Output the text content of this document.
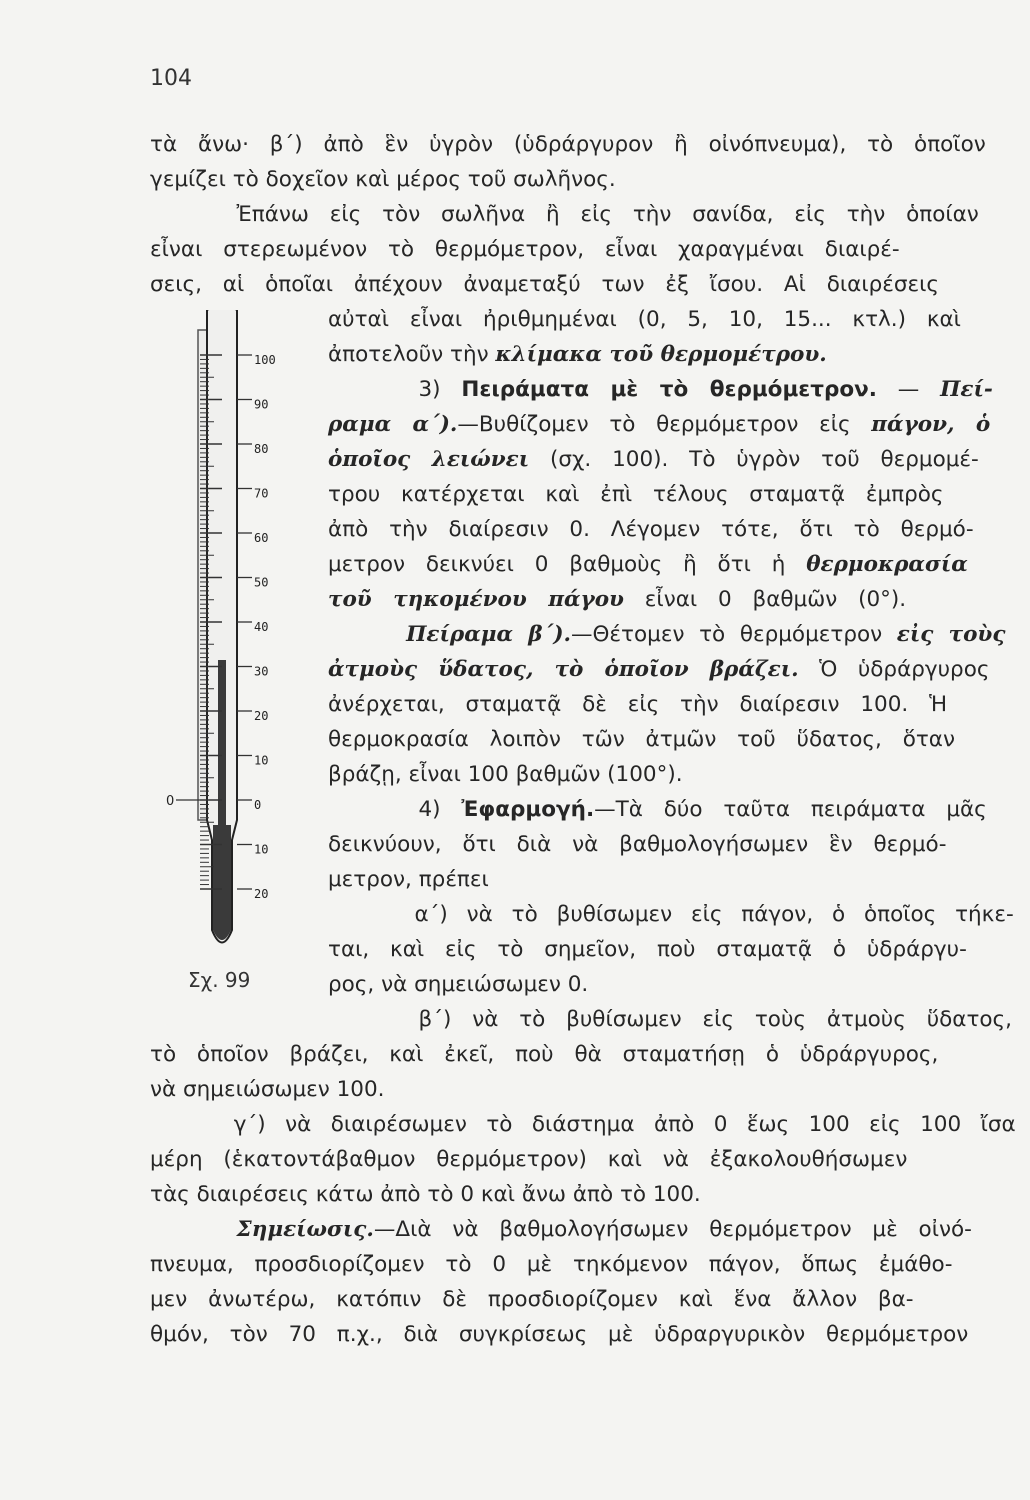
104
τὰ ἄνω· β΄) ἀπὸ ἓν ὑγρὸν (ὑδράργυρον ἢ οἰνόπνευμα), τὸ ὁποῖον
γεμίζει τὸ δοχεῖον καὶ μέρος τοῦ σωλῆνος.
Ἐπάνω εἰς τὸν σωλῆνα ἢ εἰς τὴν σανίδα, εἰς τὴν ὁποίαν
εἶναι στερεωμένον τὸ θερμόμετρον, εἶναι χαραγμέναι διαιρέ-
σεις, αἱ ὁποῖαι ἀπέχουν ἀναμεταξύ των ἐξ ἴσου. Αἱ διαιρέσεις
αὐταὶ εἶναι ἠριθμημέναι (0, 5, 10, 15... κτλ.) καὶ
ἀποτελοῦν τὴν κλίμακα τοῦ θερμομέτρου.
3) Πειράματα μὲ τὸ θερμόμετρον. — Πεί-
ραμα α΄).—Βυθίζομεν τὸ θερμόμετρον εἰς πάγον, ὁ
ὁποῖος λειώνει (σχ. 100). Τὸ ὑγρὸν τοῦ θερμομέ-
τρου κατέρχεται καὶ ἐπὶ τέλους σταματᾷ ἐμπρὸς
ἀπὸ τὴν διαίρεσιν 0. Λέγομεν τότε, ὅτι τὸ θερμό-
μετρον δεικνύει 0 βαθμοὺς ἢ ὅτι ἡ θερμοκρασία
τοῦ τηκομένου πάγου εἶναι 0 βαθμῶν (0°).
Πείραμα β΄).—Θέτομεν τὸ θερμόμετρον εἰς τοὺς
ἀτμοὺς ὕδατος, τὸ ὁποῖον βράζει. Ὁ ὑδράργυρος
ἀνέρχεται, σταματᾷ δὲ εἰς τὴν διαίρεσιν 100. Ἡ
θερμοκρασία λοιπὸν τῶν ἀτμῶν τοῦ ὕδατος, ὅταν
βράζῃ, εἶναι 100 βαθμῶν (100°).
4) Ἐφαρμογή.—Τὰ δύο ταῦτα πειράματα μᾶς
δεικνύουν, ὅτι διὰ νὰ βαθμολογήσωμεν ἓν θερμό-
μετρον, πρέπει
α΄) νὰ τὸ βυθίσωμεν εἰς πάγον, ὁ ὁποῖος τήκε-
ται, καὶ εἰς τὸ σημεῖον, ποὺ σταματᾷ ὁ ὑδράργυ-
ρος, νὰ σημειώσωμεν 0.
β΄) νὰ τὸ βυθίσωμεν εἰς τοὺς ἀτμοὺς ὕδατος,
τὸ ὁποῖον βράζει, καὶ ἐκεῖ, ποὺ θὰ σταματήσῃ ὁ ὑδράργυρος,
νὰ σημειώσωμεν 100.
γ΄) νὰ διαιρέσωμεν τὸ διάστημα ἀπὸ 0 ἕως 100 εἰς 100 ἴσα
μέρη (ἑκατοντάβαθμον θερμόμετρον) καὶ νὰ ἐξακολουθήσωμεν
τὰς διαιρέσεις κάτω ἀπὸ τὸ 0 καὶ ἄνω ἀπὸ τὸ 100.
Σημείωσις.—Διὰ νὰ βαθμολογήσωμεν θερμόμετρον μὲ οἰνό-
πνευμα, προσδιορίζομεν τὸ 0 μὲ τηκόμενον πάγον, ὅπως ἐμάθο-
μεν ἀνωτέρω, κατόπιν δὲ προσδιορίζομεν καὶ ἕνα ἄλλον βα-
θμόν, τὸν 70 π.χ., διὰ συγκρίσεως μὲ ὑδραργυρικὸν θερμόμετρον
100
90
80
70
60
50
40
30
20
10
0
10
20
0
Σχ. 99
